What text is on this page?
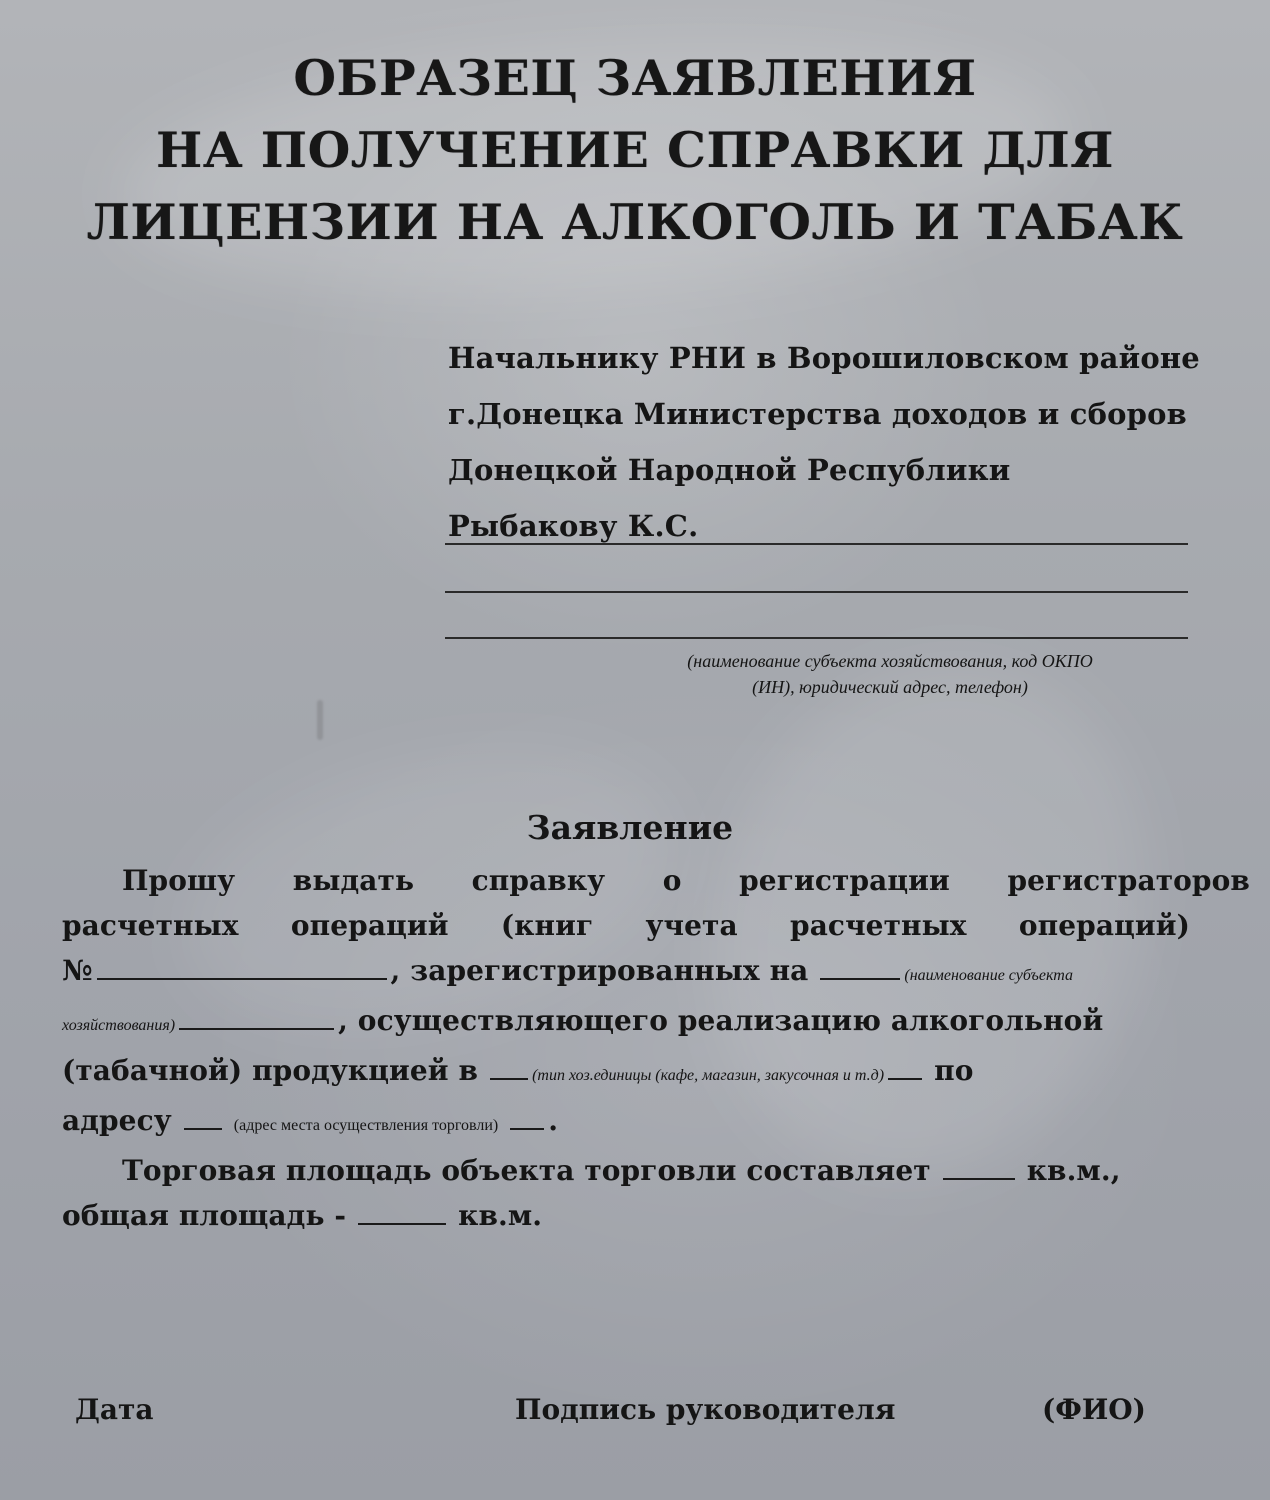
ОБРАЗЕЦ ЗАЯВЛЕНИЯ
НА ПОЛУЧЕНИЕ СПРАВКИ ДЛЯ
ЛИЦЕНЗИИ НА АЛКОГОЛЬ И ТАБАК
Начальнику РНИ в Ворошиловском районе
г.Донецка Министерства доходов и сборов
Донецкой Народной Республики
Рыбакову К.С.
(наименование субъекта хозяйствования, код ОКПО
(ИН), юридический адрес, телефон)
Заявление
Прошу выдать справку о регистрации регистраторов
расчетных операций (книг учета расчетных операций)
№	, зарегистрированных на	(наименование субъекта
хозяйствования)	, осуществляющего реализацию алкогольной
(табачной) продукцией в	(тип хоз.единицы (кафе, магазин, закусочная и т.д) по
адресу	(адрес места осуществления торговли) .
Торговая площадь объекта торговли составляет	кв.м.,
общая площадь -	кв.м.
Дата	Подпись руководителя	(ФИО)
